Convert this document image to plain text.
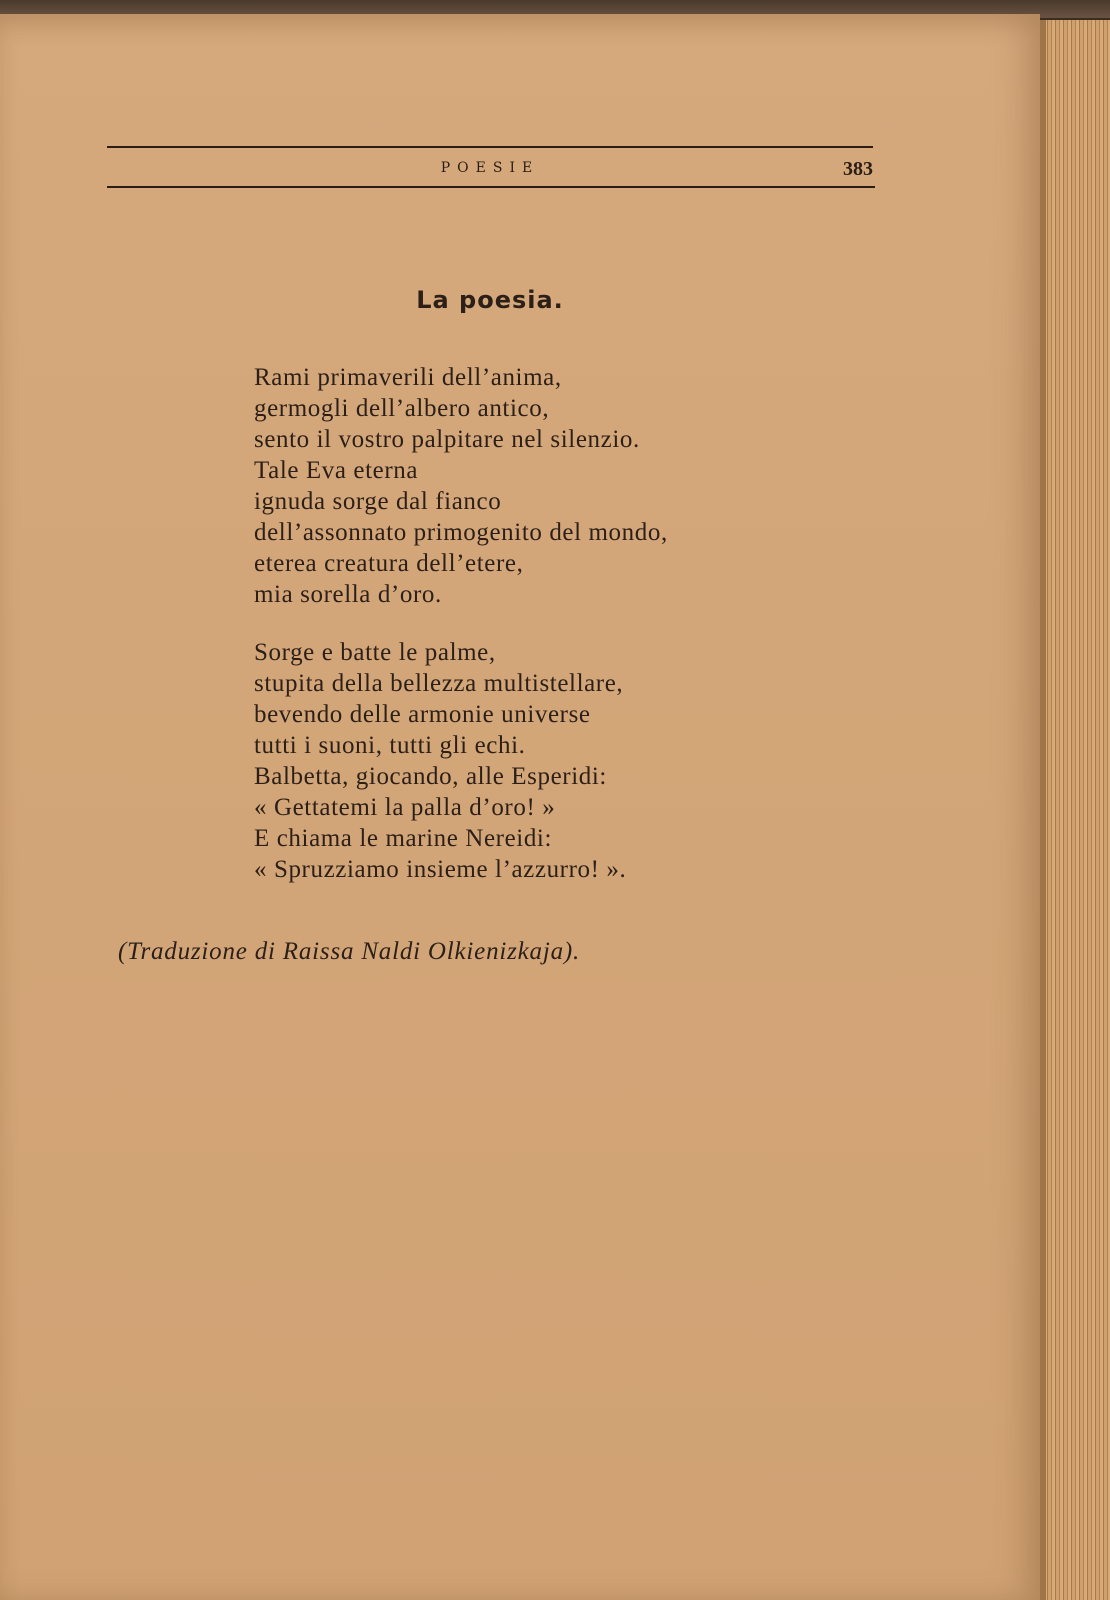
POESIE	383
La poesia.
Rami primaverili dell’anima,
germogli dell’albero antico,
sento il vostro palpitare nel silenzio.
Tale Eva eterna
ignuda sorge dal fianco
dell’assonnato primogenito del mondo,
eterea creatura dell’etere,
mia sorella d’oro.
Sorge e batte le palme,
stupita della bellezza multistellare,
bevendo delle armonie universe
tutti i suoni, tutti gli echi.
Balbetta, giocando, alle Esperidi:
« Gettatemi la palla d’oro! »
E chiama le marine Nereidi:
« Spruzziamo insieme l’azzurro! ».
(Traduzione di Raissa Naldi Olkienizkaja).
